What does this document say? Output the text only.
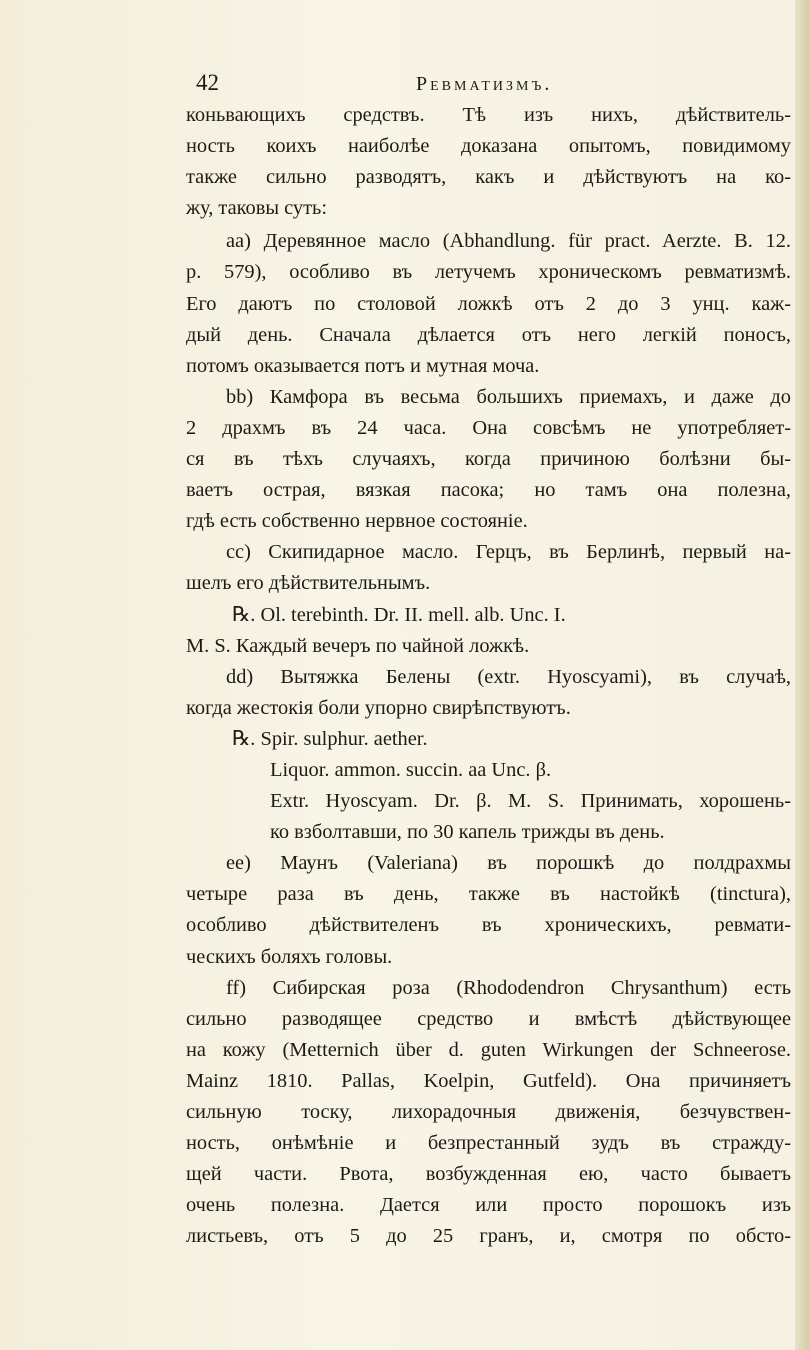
42	Ревматизмъ.
коньвающихъ средствъ. Тѣ изъ нихъ, дѣйствитель-
ность коихъ наиболѣе доказана опытомъ, повидимому
также сильно разводятъ, какъ и дѣйствуютъ на ко-
жу, таковы суть:
aa) Деревянное масло (Abhandlung. für pract. Aerzte. B. 12.
p. 579), особливо въ летучемъ хроническомъ ревматизмѣ.
Его даютъ по столовой ложкѣ отъ 2 до 3 унц. каж-
дый день. Сначала дѣлается отъ него легкій поносъ,
потомъ оказывается потъ и мутная моча.
bb) Камфора въ весьма большихъ приемахъ, и даже до
2 драхмъ въ 24 часа. Она совсѣмъ не употребляет-
ся въ тѣхъ случаяхъ, когда причиною болѣзни бы-
ваетъ острая, вязкая пасока; но тамъ она полезна,
гдѣ есть собственно нервное состояніе.
cc) Скипидарное масло. Герцъ, въ Берлинѣ, первый на-
шелъ его дѣйствительнымъ.
℞. Ol. terebinth. Dr. II. mell. alb. Unc. I.
M. S. Каждый вечеръ по чайной ложкѣ.
dd) Вытяжка Белены (extr. Hyoscyami), въ случаѣ,
когда жестокія боли упорно свирѣпствуютъ.
℞. Spir. sulphur. aether.
Liquor. ammon. succin. aa Unc. β.
Extr. Hyoscyam. Dr. β. M. S. Принимать, хорошень-
ко взболтавши, по 30 капель трижды въ день.
ee) Маунъ (Valeriana) въ порошкѣ до полдрахмы
четыре раза въ день, также въ настойкѣ (tinctura),
особливо дѣйствителенъ въ хроническихъ, ревмати-
ческихъ боляхъ головы.
ff) Сибирская роза (Rhododendron Chrysanthum) есть
сильно разводящее средство и вмѣстѣ дѣйствующее
на кожу (Metternich über d. guten Wirkungen der Schneerose.
Mainz 1810. Pallas, Koelpin, Gutfeld). Она причиняетъ
сильную тоску, лихорадочныя движенія, безчувствен-
ность, онѣмѣніе и безпрестанный зудъ въ стражду-
щей части. Рвота, возбужденная ею, часто бываетъ
очень полезна. Дается или просто порошокъ изъ
листьевъ, отъ 5 до 25 гранъ, и, смотря по обсто-
